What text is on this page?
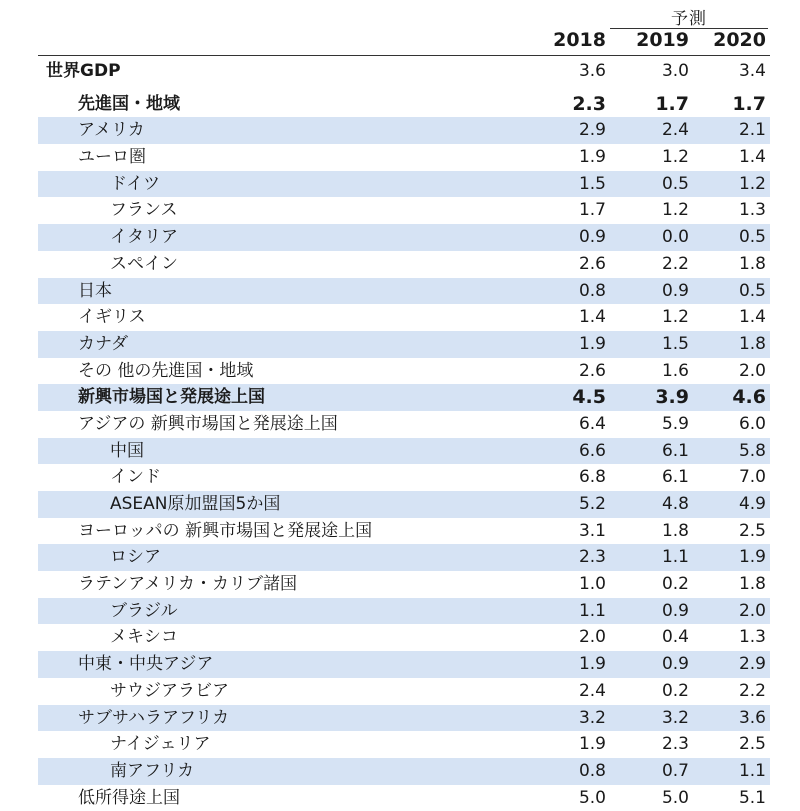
予測
2018	2019	2020
世界GDP	3.6	3.0	3.4
先進国・地域	2.3	1.7	1.7
アメリカ	2.9	2.4	2.1
ユーロ圏	1.9	1.2	1.4
ドイツ	1.5	0.5	1.2
フランス	1.7	1.2	1.3
イタリア	0.9	0.0	0.5
スペイン	2.6	2.2	1.8
日本	0.8	0.9	0.5
イギリス	1.4	1.2	1.4
カナダ	1.9	1.5	1.8
その 他の先進国・地域	2.6	1.6	2.0
新興市場国と発展途上国	4.5	3.9	4.6
アジアの 新興市場国と発展途上国	6.4	5.9	6.0
中国	6.6	6.1	5.8
インド	6.8	6.1	7.0
ASEAN原加盟国5か国	5.2	4.8	4.9
ヨーロッパの 新興市場国と発展途上国	3.1	1.8	2.5
ロシア	2.3	1.1	1.9
ラテンアメリカ・カリブ諸国	1.0	0.2	1.8
ブラジル	1.1	0.9	2.0
メキシコ	2.0	0.4	1.3
中東・中央アジア	1.9	0.9	2.9
サウジアラビア	2.4	0.2	2.2
サブサハラアフリカ	3.2	3.2	3.6
ナイジェリア	1.9	2.3	2.5
南アフリカ	0.8	0.7	1.1
低所得途上国	5.0	5.0	5.1
